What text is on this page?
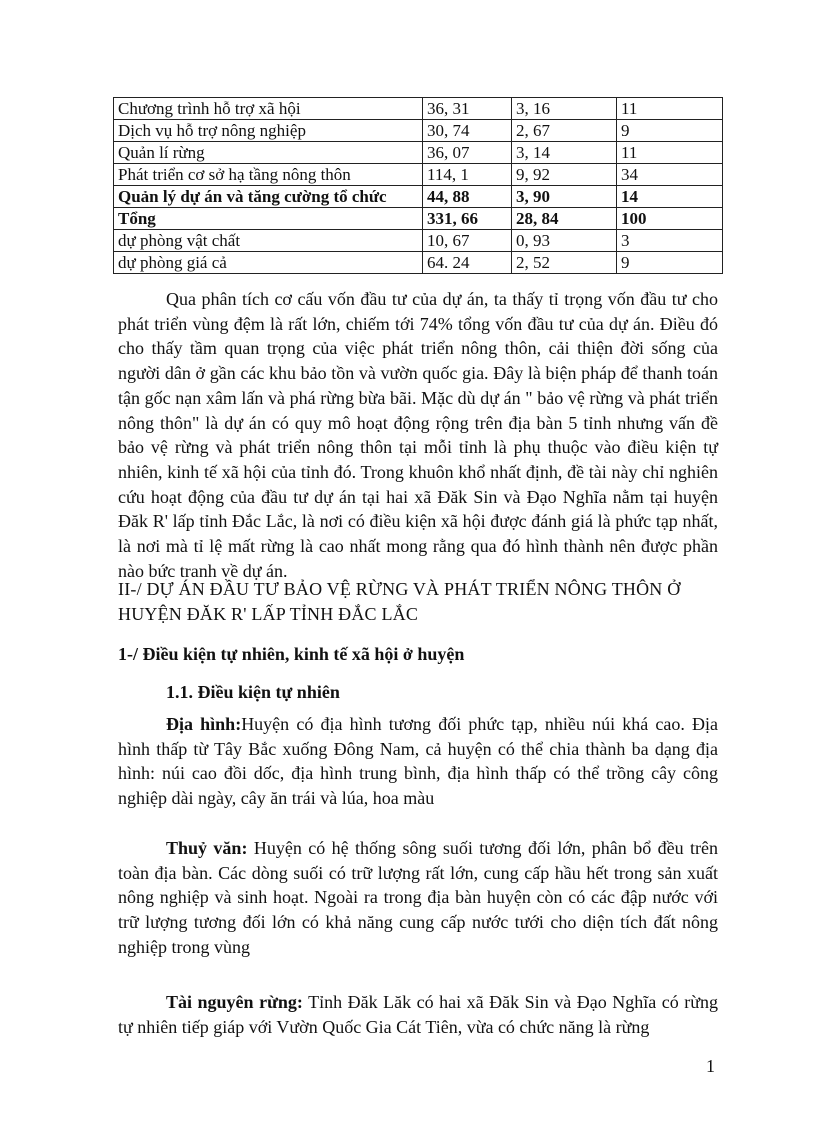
Chương trình hỗ trợ xã hội	36, 31	3, 16	11
Dịch vụ hỗ trợ nông nghiệp	30, 74	2, 67	9
Quản lí rừng	36, 07	3, 14	11
Phát triển cơ sở hạ tầng nông thôn	114, 1	9, 92	34
Quản lý dự án và tăng cường tổ chức	44, 88	3, 90	14
Tổng	331, 66	28, 84	100
dự phòng vật chất	10, 67	0, 93	3
dự phòng giá cả	64. 24	2, 52	9

Qua phân tích cơ cấu vốn đầu tư của dự án, ta thấy tỉ trọng vốn đầu tư cho phát triển vùng đệm là rất lớn, chiếm tới 74% tổng vốn đầu tư của dự án. Điều đó cho thấy tầm quan trọng của việc phát triển nông thôn, cải thiện đời sống của người dân ở gần các khu bảo tồn và vườn quốc gia. Đây là biện pháp để thanh toán tận gốc nạn xâm lấn và phá rừng bừa bãi. Mặc dù dự án " bảo vệ rừng và phát triển nông thôn" là dự án có quy mô hoạt động rộng trên địa bàn 5 tỉnh nhưng vấn đề bảo vệ rừng và phát triển nông thôn tại mỗi tỉnh là phụ thuộc vào điều kiện tự nhiên, kinh tế xã hội của tỉnh đó. Trong khuôn khổ nhất định, đề tài này chỉ nghiên cứu hoạt động của đầu tư dự án tại hai xã Đăk Sin và Đạo Nghĩa nằm tại huyện Đăk R' lấp tỉnh Đắc Lắc, là nơi có điều kiện xã hội được đánh giá là phức tạp nhất, là nơi mà tỉ lệ mất rừng là cao nhất mong rằng qua đó hình thành nên được phần nào bức tranh về dự án.

II-/ DỰ ÁN ĐẦU TƯ BẢO VỆ RỪNG VÀ PHÁT TRIỂN NÔNG THÔN Ở HUYỆN ĐĂK R' LẤP TỈNH ĐẮC LẮC

1-/ Điều kiện tự nhiên, kinh tế xã hội ở huyện

1.1. Điều kiện tự nhiên

Địa hình:Huyện có địa hình tương đối phức tạp, nhiều núi khá cao. Địa hình thấp từ Tây Bắc xuống Đông Nam, cả huyện có thể chia thành ba dạng địa hình: núi cao đồi dốc, địa hình trung bình, địa hình thấp có thể trồng cây công nghiệp dài ngày, cây ăn trái và lúa, hoa màu

Thuỷ văn: Huyện có hệ thống sông suối tương đối lớn, phân bổ đều trên toàn địa bàn. Các dòng suối có trữ lượng rất lớn, cung cấp hầu hết trong sản xuất nông nghiệp và sinh hoạt. Ngoài ra trong địa bàn huyện còn có các đập nước với trữ lượng tương đối lớn có khả năng cung cấp nước tưới cho diện tích đất nông nghiệp trong vùng

Tài nguyên rừng: Tỉnh Đăk Lăk có hai xã Đăk Sin và Đạo Nghĩa có rừng tự nhiên tiếp giáp với Vườn Quốc Gia Cát Tiên, vừa có chức năng là rừng

1
